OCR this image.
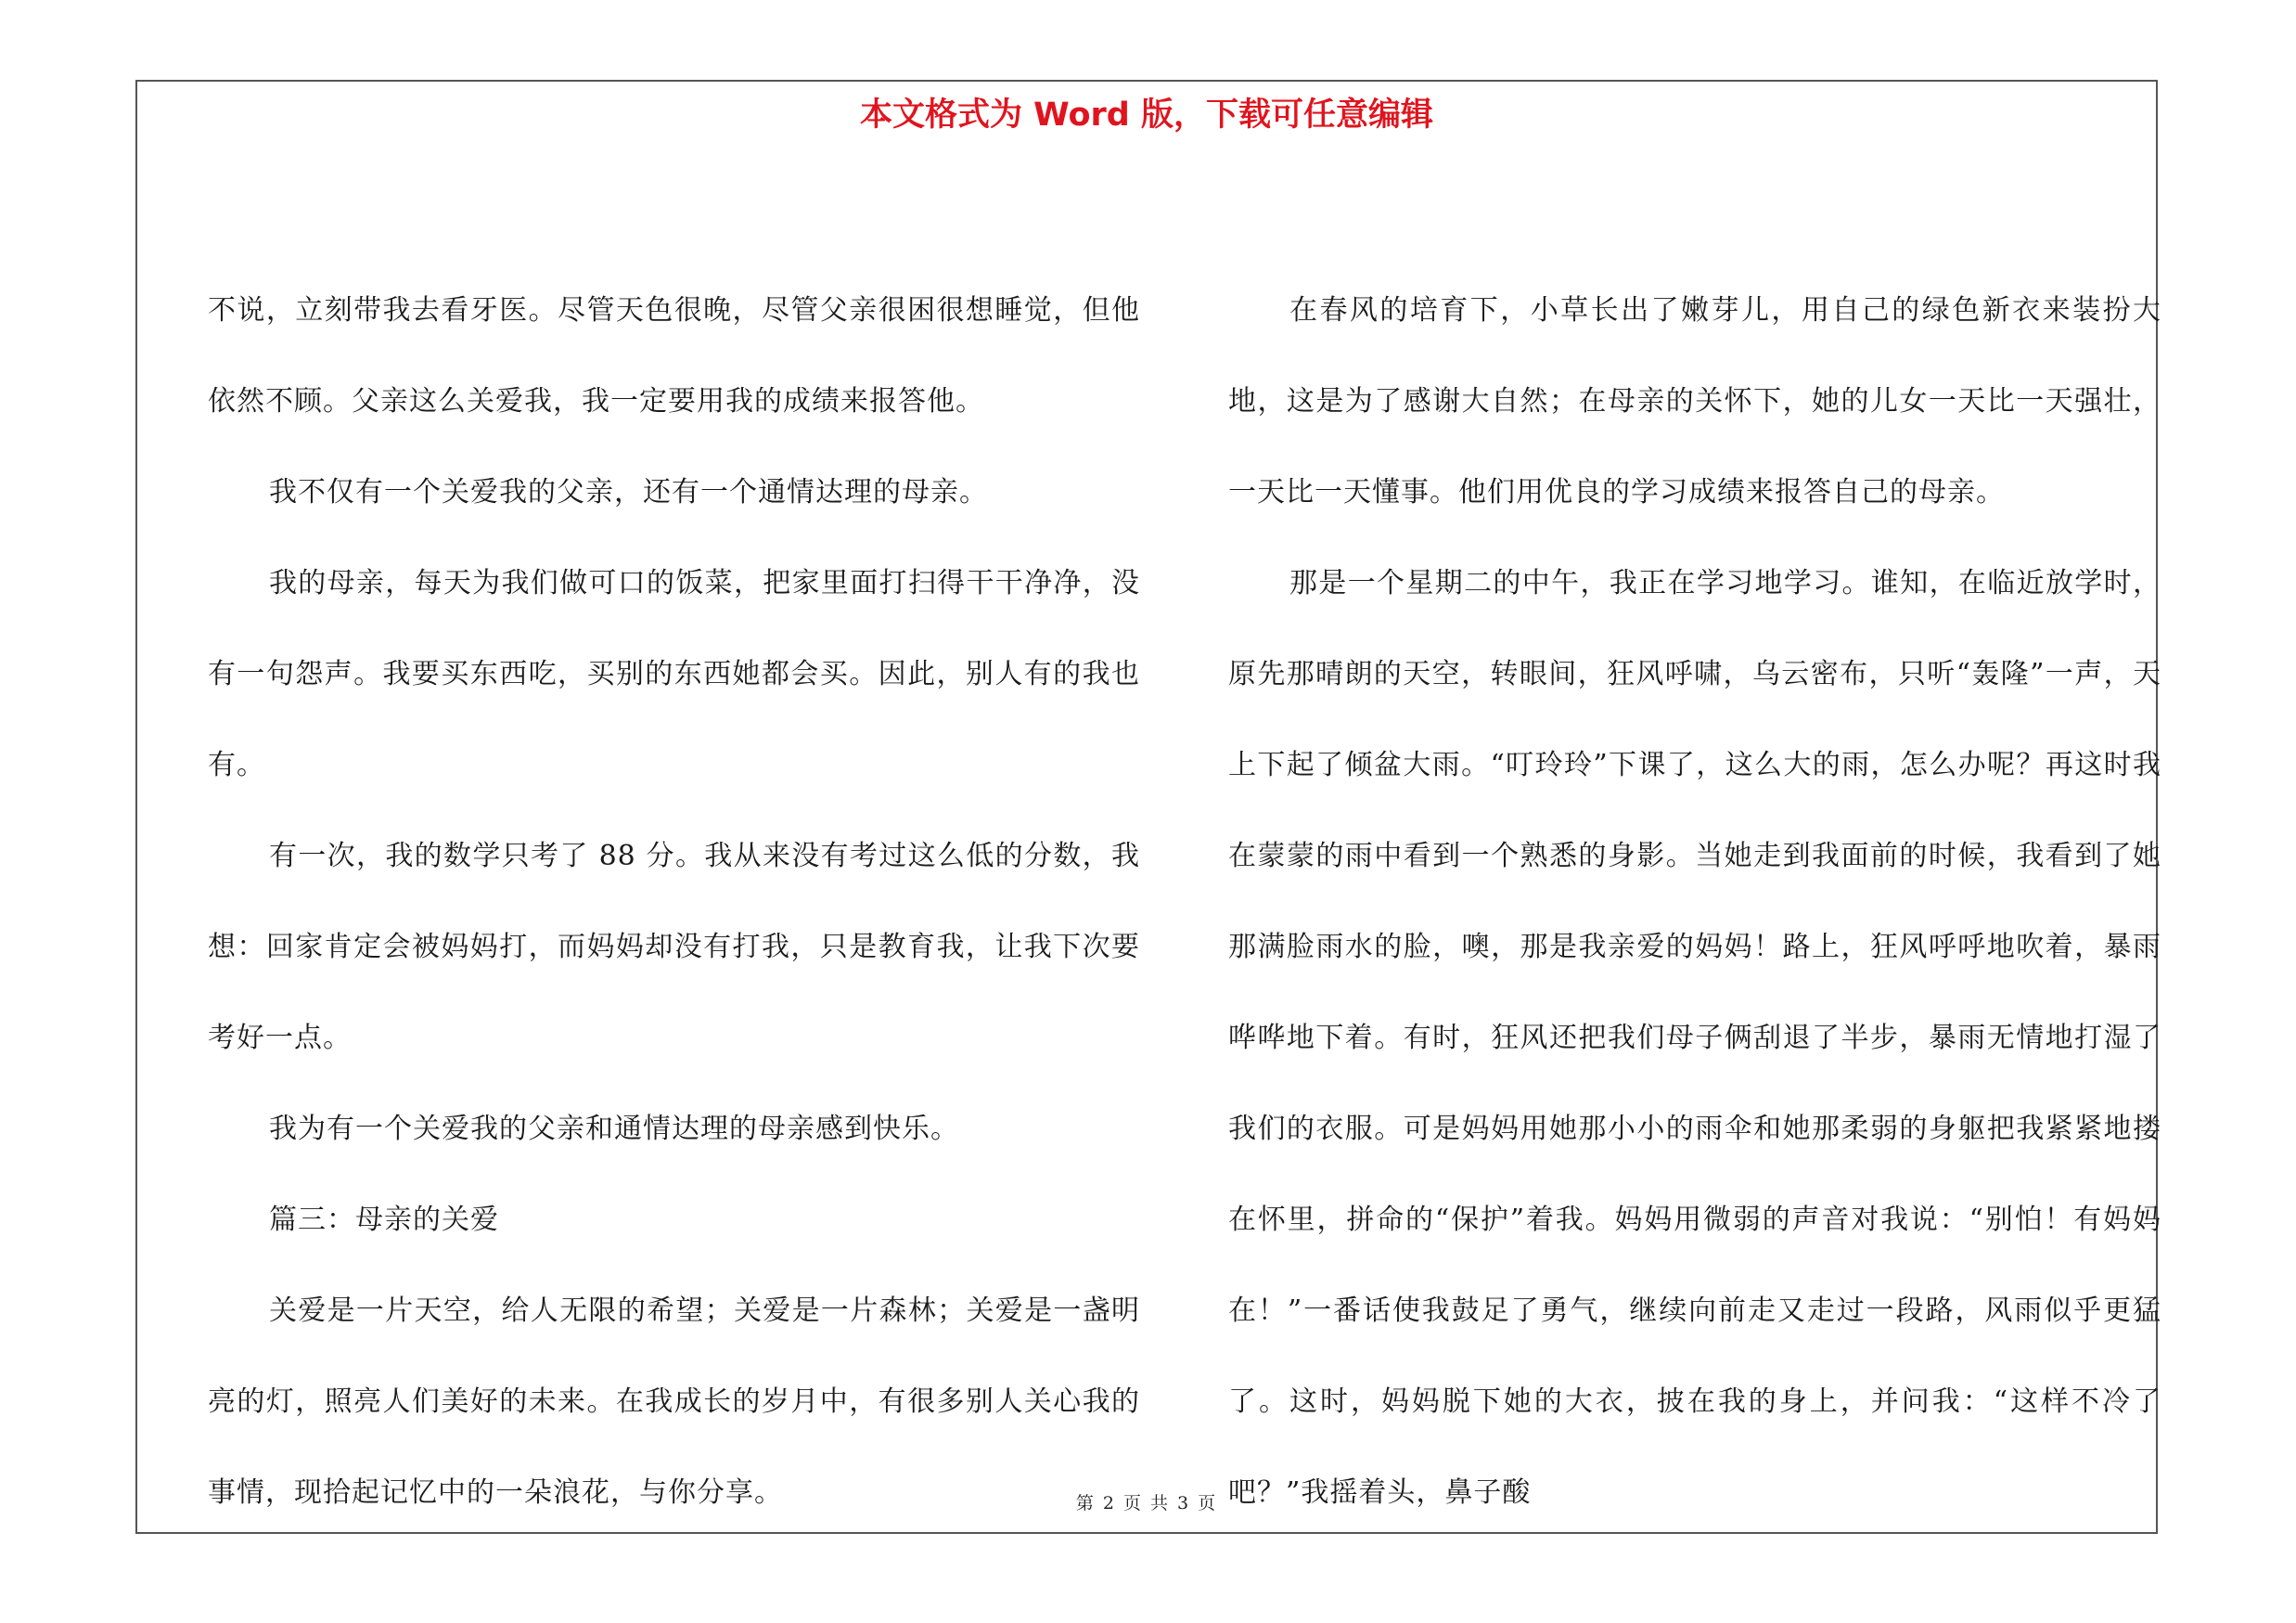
本文格式为 Word 版，下载可任意编辑

不说，立刻带我去看牙医。尽管天色很晚，尽管父亲很困很想睡觉，但他依然不顾。父亲这么关爱我，我一定要用我的成绩来报答他。

我不仅有一个关爱我的父亲，还有一个通情达理的母亲。

我的母亲，每天为我们做可口的饭菜，把家里面打扫得干干净净，没有一句怨声。我要买东西吃，买别的东西她都会买。因此，别人有的我也有。

有一次，我的数学只考了 88 分。我从来没有考过这么低的分数，我想：回家肯定会被妈妈打，而妈妈却没有打我，只是教育我，让我下次要考好一点。

我为有一个关爱我的父亲和通情达理的母亲感到快乐。

篇三：母亲的关爱

关爱是一片天空，给人无限的希望；关爱是一片森林；关爱是一盏明亮的灯，照亮人们美好的未来。在我成长的岁月中，有很多别人关心我的事情，现拾起记忆中的一朵浪花，与你分享。

在春风的培育下，小草长出了嫩芽儿，用自己的绿色新衣来装扮大地，这是为了感谢大自然；在母亲的关怀下，她的儿女一天比一天强壮，一天比一天懂事。他们用优良的学习成绩来报答自己的母亲。

那是一个星期二的中午，我正在学习地学习。谁知，在临近放学时，原先那晴朗的天空，转眼间，狂风呼啸，乌云密布，只听“轰隆”一声，天上下起了倾盆大雨。“叮玲玲”下课了，这么大的雨，怎么办呢？再这时我在蒙蒙的雨中看到一个熟悉的身影。当她走到我面前的时候，我看到了她那满脸雨水的脸，噢，那是我亲爱的妈妈！路上，狂风呼呼地吹着，暴雨哗哗地下着。有时，狂风还把我们母子俩刮退了半步，暴雨无情地打湿了我们的衣服。可是妈妈用她那小小的雨伞和她那柔弱的身躯把我紧紧地搂在怀里，拼命的“保护”着我。妈妈用微弱的声音对我说：“别怕！有妈妈在！”一番话使我鼓足了勇气，继续向前走又走过一段路，风雨似乎更猛了。这时，妈妈脱下她的大衣，披在我的身上，并问我：“这样不冷了吧？”我摇着头，鼻子酸

第 2 页 共 3 页
